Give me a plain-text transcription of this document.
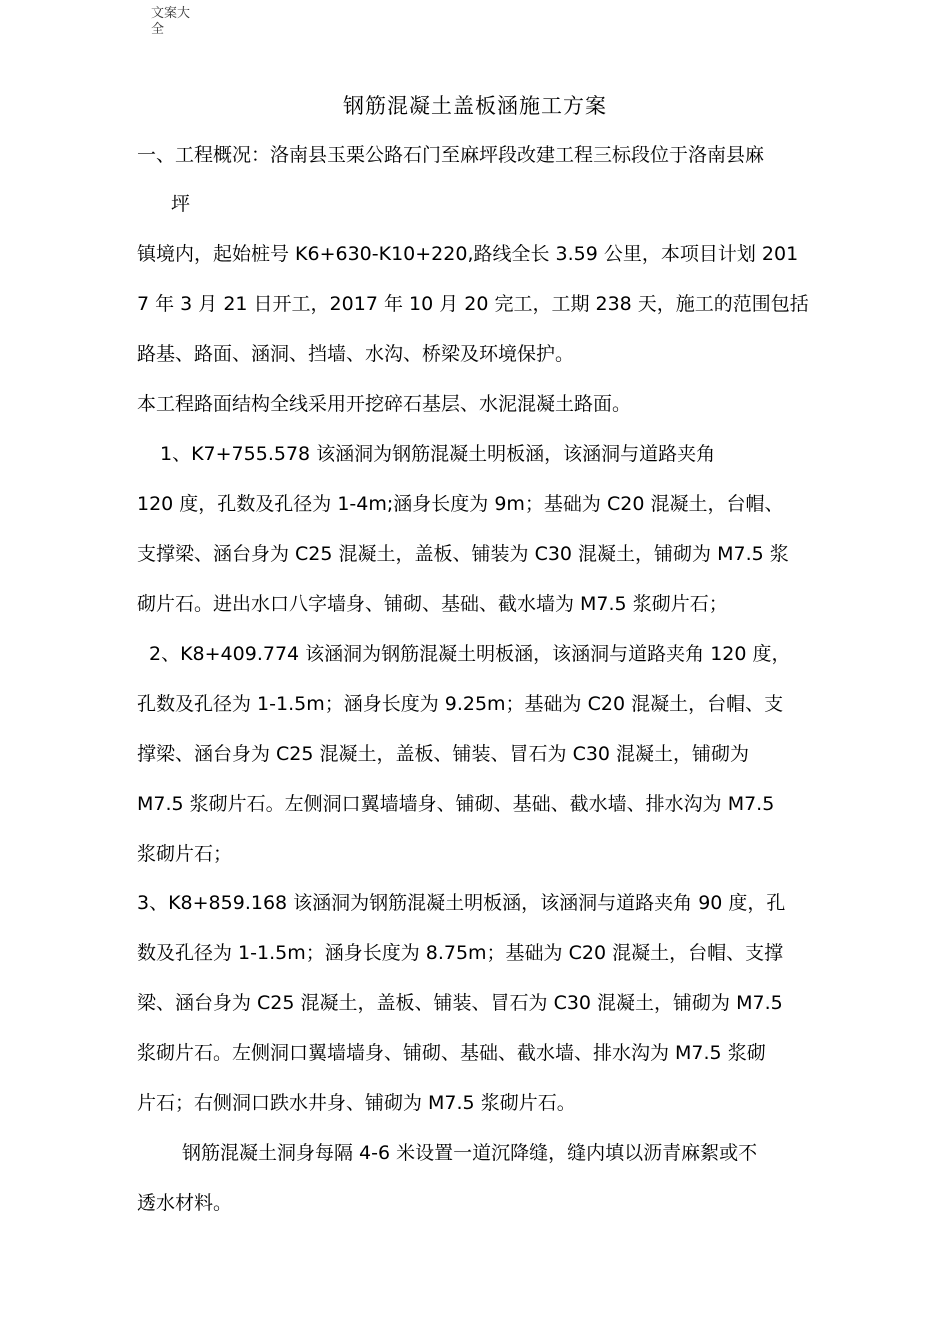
文案大全
钢筋混凝土盖板涵施工方案
一、工程概况：洛南县玉栗公路石门至麻坪段改建工程三标段位于洛南县麻
坪
镇境内，起始桩号 K6+630-K10+220,路线全长 3.59 公里，本项目计划 201
7 年 3 月 21 日开工，2017 年 10 月 20 完工，工期 238 天，施工的范围包括
路基、路面、涵洞、挡墙、水沟、桥梁及环境保护。
本工程路面结构全线采用开挖碎石基层、水泥混凝土路面。
1、K7+755.578 该涵洞为钢筋混凝土明板涵，该涵洞与道路夹角
120 度，孔数及孔径为 1-4m;涵身长度为 9m；基础为 C20 混凝土，台帽、
支撑梁、涵台身为 C25 混凝土，盖板、铺装为 C30 混凝土，铺砌为 M7.5 浆
砌片石。进出水口八字墙身、铺砌、基础、截水墙为 M7.5 浆砌片石；
2、K8+409.774 该涵洞为钢筋混凝土明板涵，该涵洞与道路夹角 120 度，
孔数及孔径为 1-1.5m；涵身长度为 9.25m；基础为 C20 混凝土，台帽、支
撑梁、涵台身为 C25 混凝土，盖板、铺装、冒石为 C30 混凝土，铺砌为
M7.5 浆砌片石。左侧洞口翼墙墙身、铺砌、基础、截水墙、排水沟为 M7.5
浆砌片石；
3、K8+859.168 该涵洞为钢筋混凝土明板涵，该涵洞与道路夹角 90 度，孔
数及孔径为 1-1.5m；涵身长度为 8.75m；基础为 C20 混凝土，台帽、支撑
梁、涵台身为 C25 混凝土，盖板、铺装、冒石为 C30 混凝土，铺砌为 M7.5
浆砌片石。左侧洞口翼墙墙身、铺砌、基础、截水墙、排水沟为 M7.5 浆砌
片石；右侧洞口跌水井身、铺砌为 M7.5 浆砌片石。
钢筋混凝土洞身每隔 4-6 米设置一道沉降缝，缝内填以沥青麻絮或不
透水材料。
